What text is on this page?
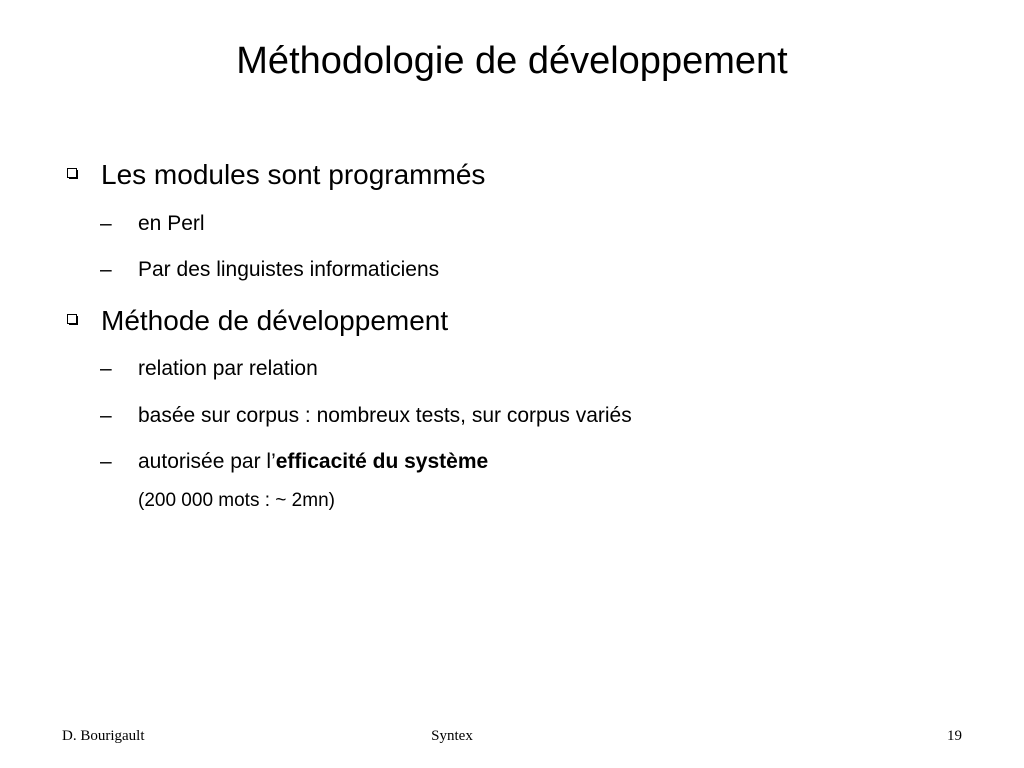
Méthodologie de développement
Les modules sont programmés
– en Perl
– Par des linguistes informaticiens
Méthode de développement
– relation par relation
– basée sur corpus : nombreux tests, sur corpus variés
– autorisée par l’efficacité du système
(200 000 mots : ~ 2mn)
D. Bourigault	Syntex	19
